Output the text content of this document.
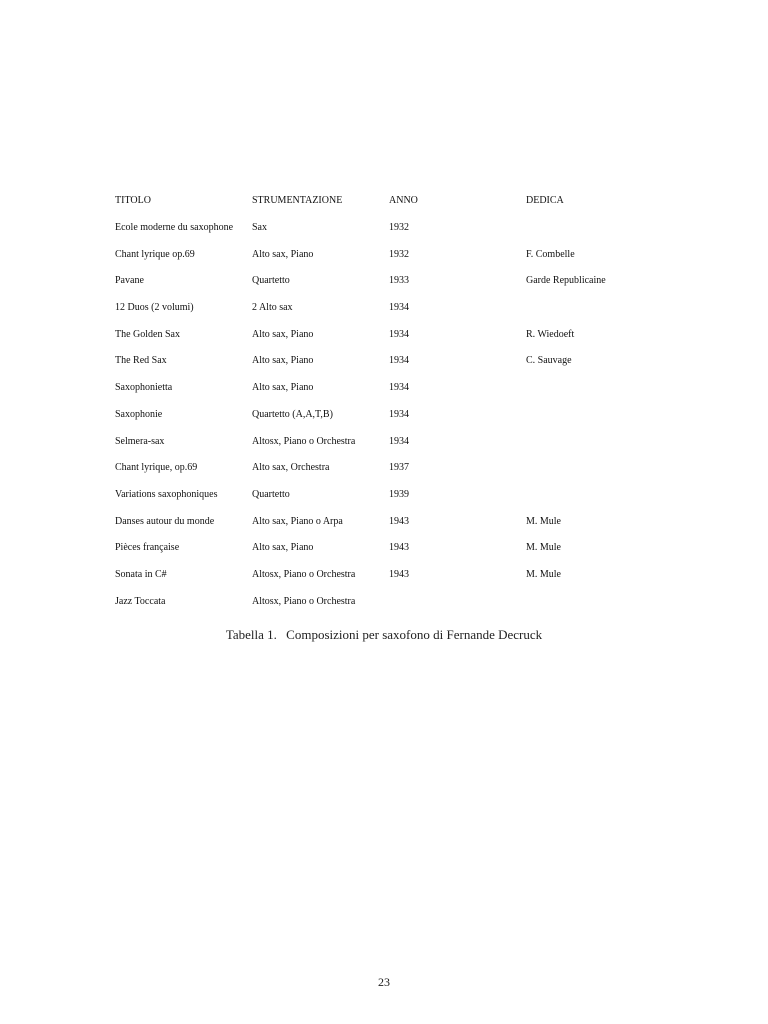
TITOLO	STRUMENTAZIONE	ANNO	DEDICA
Ecole moderne du saxophone	Sax	1932
Chant lyrique op.69	Alto sax, Piano	1932	F. Combelle
Pavane	Quartetto	1933	Garde Republicaine
12 Duos (2 volumi)	2 Alto sax	1934
The Golden Sax	Alto sax, Piano	1934	R. Wiedoeft
The Red Sax	Alto sax, Piano	1934	C. Sauvage
Saxophonietta	Alto sax, Piano	1934
Saxophonie	Quartetto (A,A,T,B)	1934
Selmera-sax	Altosx, Piano o Orchestra	1934
Chant lyrique, op.69	Alto sax, Orchestra	1937
Variations saxophoniques	Quartetto	1939
Danses autour du monde	Alto sax, Piano o Arpa	1943	M. Mule
Pièces française	Alto sax, Piano	1943	M. Mule
Sonata in C#	Altosx, Piano o Orchestra	1943	M. Mule
Jazz Toccata	Altosx, Piano o Orchestra
Tabella 1. Composizioni per saxofono di Fernande Decruck
23
